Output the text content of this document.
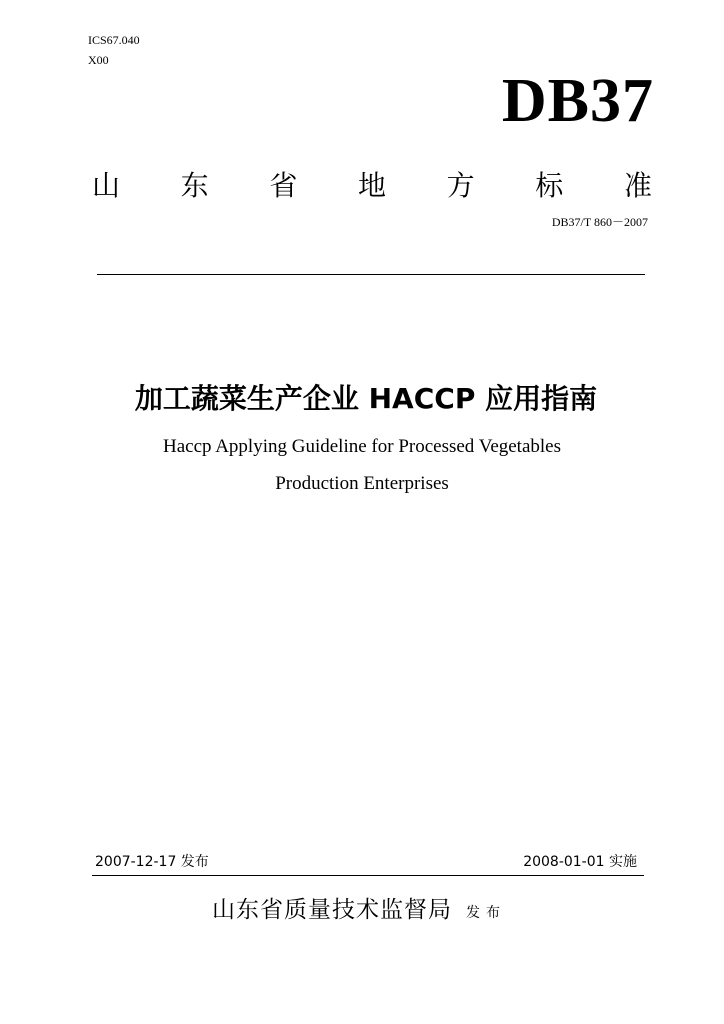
ICS67.040
X00
DB37
山 东 省 地 方 标 准
DB37/T 860－2007
加工蔬菜生产企业 HACCP 应用指南
Haccp Applying Guideline for Processed Vegetables
Production Enterprises
2007-12-17 发布	2008-01-01 实施
山东省质量技术监督局 发布
